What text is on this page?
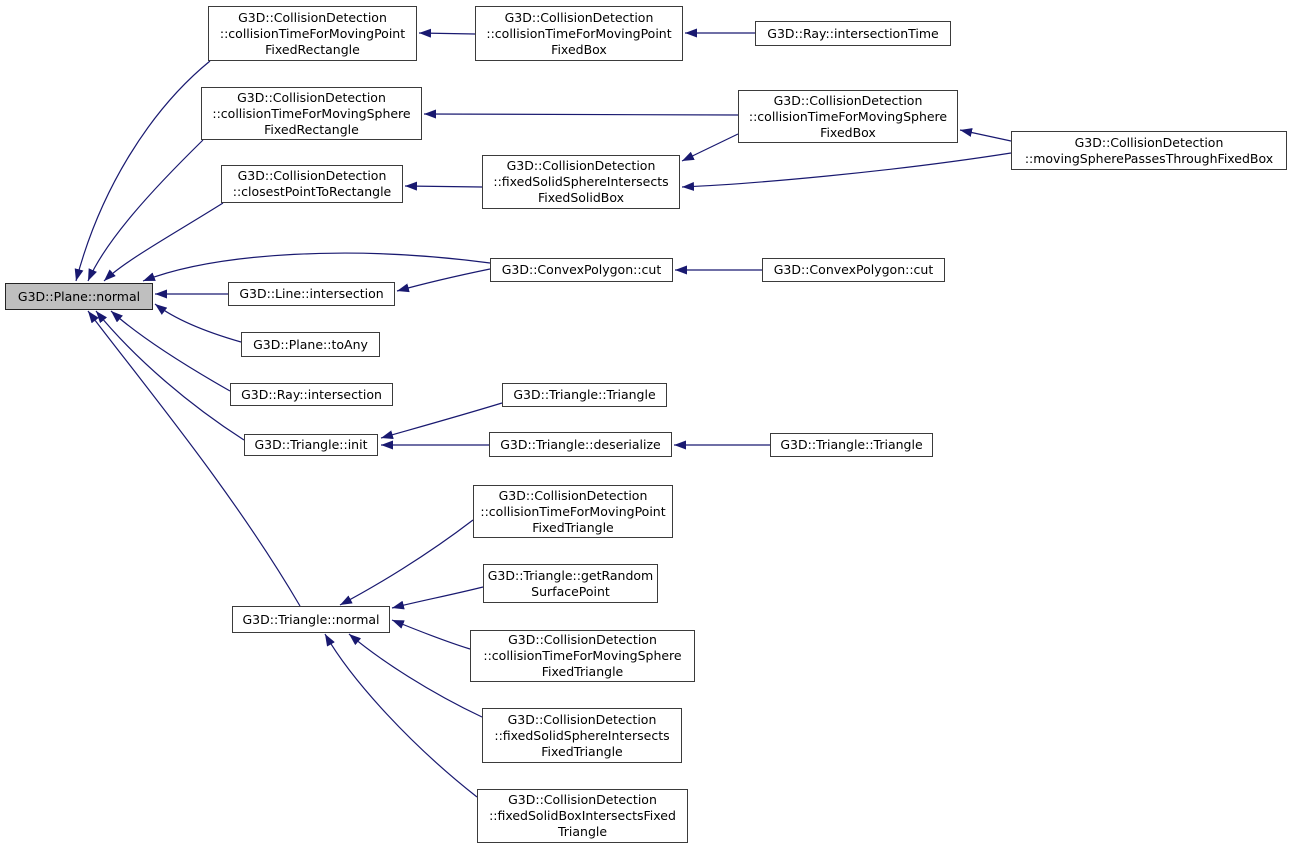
G3D::Plane::normal
G3D::CollisionDetection
::collisionTimeForMovingPoint
FixedRectangle
G3D::CollisionDetection
::collisionTimeForMovingSphere
FixedRectangle
G3D::CollisionDetection
::closestPointToRectangle
G3D::Line::intersection
G3D::Plane::toAny
G3D::Ray::intersection
G3D::Triangle::init
G3D::Triangle::normal
G3D::CollisionDetection
::collisionTimeForMovingPoint
FixedBox
G3D::CollisionDetection
::fixedSolidSphereIntersects
FixedSolidBox
G3D::ConvexPolygon::cut
G3D::Triangle::Triangle
G3D::Triangle::deserialize
G3D::CollisionDetection
::collisionTimeForMovingPoint
FixedTriangle
G3D::Triangle::getRandom
SurfacePoint
G3D::CollisionDetection
::collisionTimeForMovingSphere
FixedTriangle
G3D::CollisionDetection
::fixedSolidSphereIntersects
FixedTriangle
G3D::CollisionDetection
::fixedSolidBoxIntersectsFixed
Triangle
G3D::Ray::intersectionTime
G3D::CollisionDetection
::collisionTimeForMovingSphere
FixedBox
G3D::ConvexPolygon::cut
G3D::Triangle::Triangle
G3D::CollisionDetection
::movingSpherePassesThroughFixedBox
